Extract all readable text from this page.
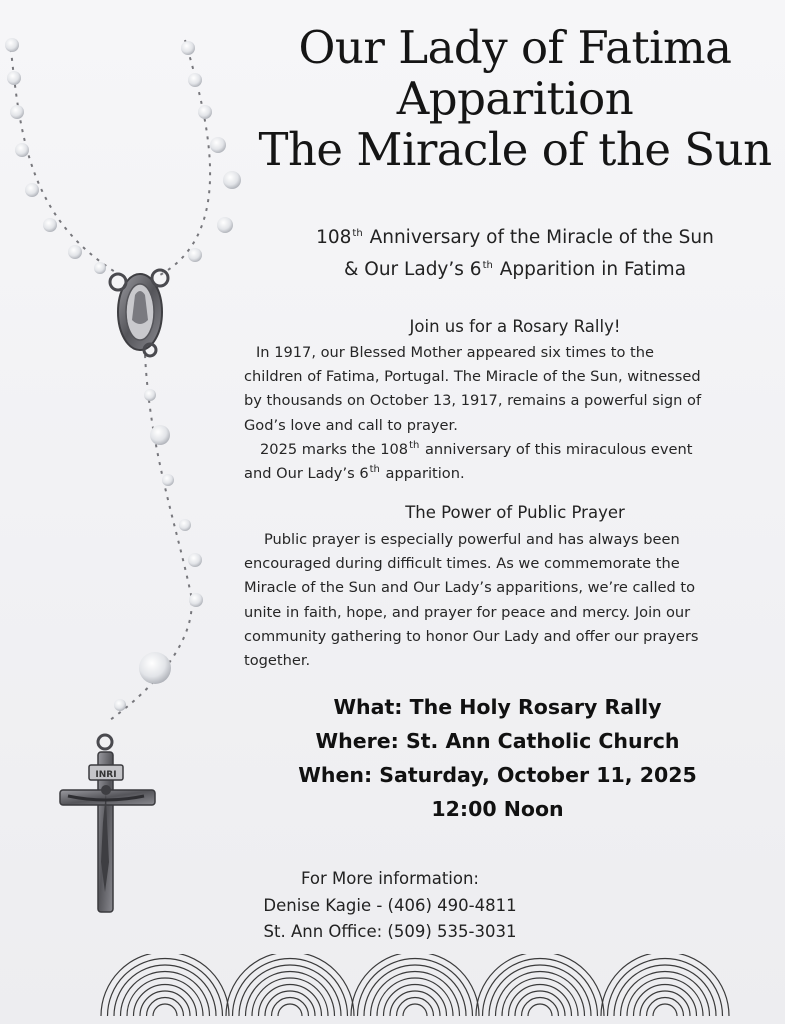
INRI
Our Lady of Fatima
Apparition
The Miracle of the Sun
108th Anniversary of the Miracle of the Sun
& Our Lady’s 6th Apparition in Fatima
Join us for a Rosary Rally!
In 1917, our Blessed Mother appeared six times to the
children of Fatima, Portugal. The Miracle of the Sun, witnessed
by thousands on October 13, 1917, remains a powerful sign of
God’s love and call to prayer.
2025 marks the 108th anniversary of this miraculous event
and Our Lady’s 6th apparition.
The Power of Public Prayer
Public prayer is especially powerful and has always been
encouraged during difficult times. As we commemorate the
Miracle of the Sun and Our Lady’s apparitions, we’re called to
unite in faith, hope, and prayer for peace and mercy. Join our
community gathering to honor Our Lady and offer our prayers
together.
What: The Holy Rosary Rally
Where: St. Ann Catholic Church
When: Saturday, October 11, 2025
12:00 Noon
For More information:
Denise Kagie - (406) 490-4811
St. Ann Office: (509) 535-3031
